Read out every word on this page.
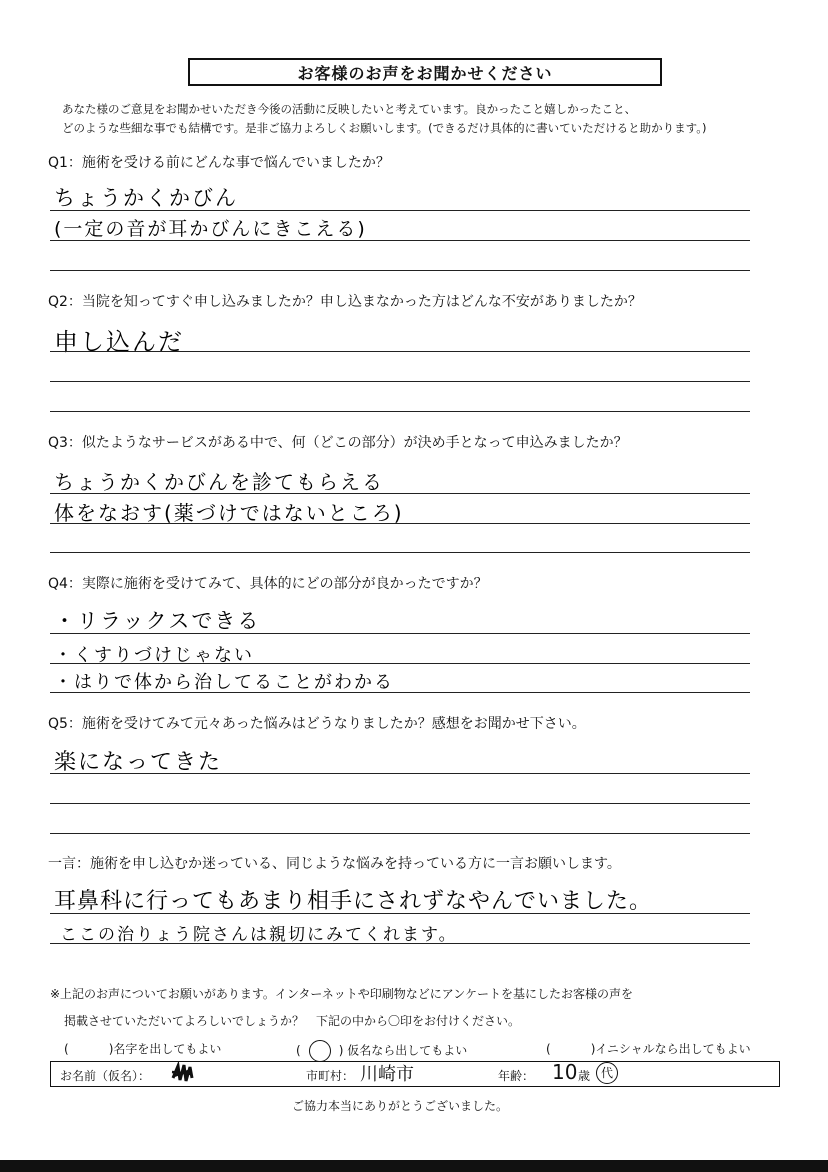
お客様のお声をお聞かせください
あなた様のご意見をお聞かせいただき今後の活動に反映したいと考えています。良かったこと嬉しかったこと、
どのような些細な事でも結構です。是非ご協力よろしくお願いします。(できるだけ具体的に書いていただけると助かります。)
Q1：施術を受ける前にどんな事で悩んでいましたか？
ちょうかくかびん
(一定の音が耳かびんにきこえる)
Q2：当院を知ってすぐ申し込みましたか？申し込まなかった方はどんな不安がありましたか？
申し込んだ
Q3：似たようなサービスがある中で、何（どこの部分）が決め手となって申込みましたか？
ちょうかくかびんを診てもらえる
体をなおす(薬づけではないところ)
Q4：実際に施術を受けてみて、具体的にどの部分が良かったですか？
・リラックスできる
・くすりづけじゃない
・はりで体から治してることがわかる
Q5：施術を受けてみて元々あった悩みはどうなりましたか？感想をお聞かせ下さい。
楽になってきた
一言：施術を申し込むか迷っている、同じような悩みを持っている方に一言お願いします。
耳鼻科に行ってもあまり相手にされずなやんでいました。
ここの治りょう院さんは親切にみてくれます。
※上記のお声についてお願いがあります。インターネットや印刷物などにアンケートを基にしたお客様の声を
掲載させていただいてよろしいでしょうか？　下記の中から〇印をお付けください。
(	)名字を出してもよい	(	) 仮名なら出してもよい	(	)イニシャルなら出してもよい
お名前（仮名）：	市町村： 川崎市	年齢： 10 歳 代
ご協力本当にありがとうございました。
